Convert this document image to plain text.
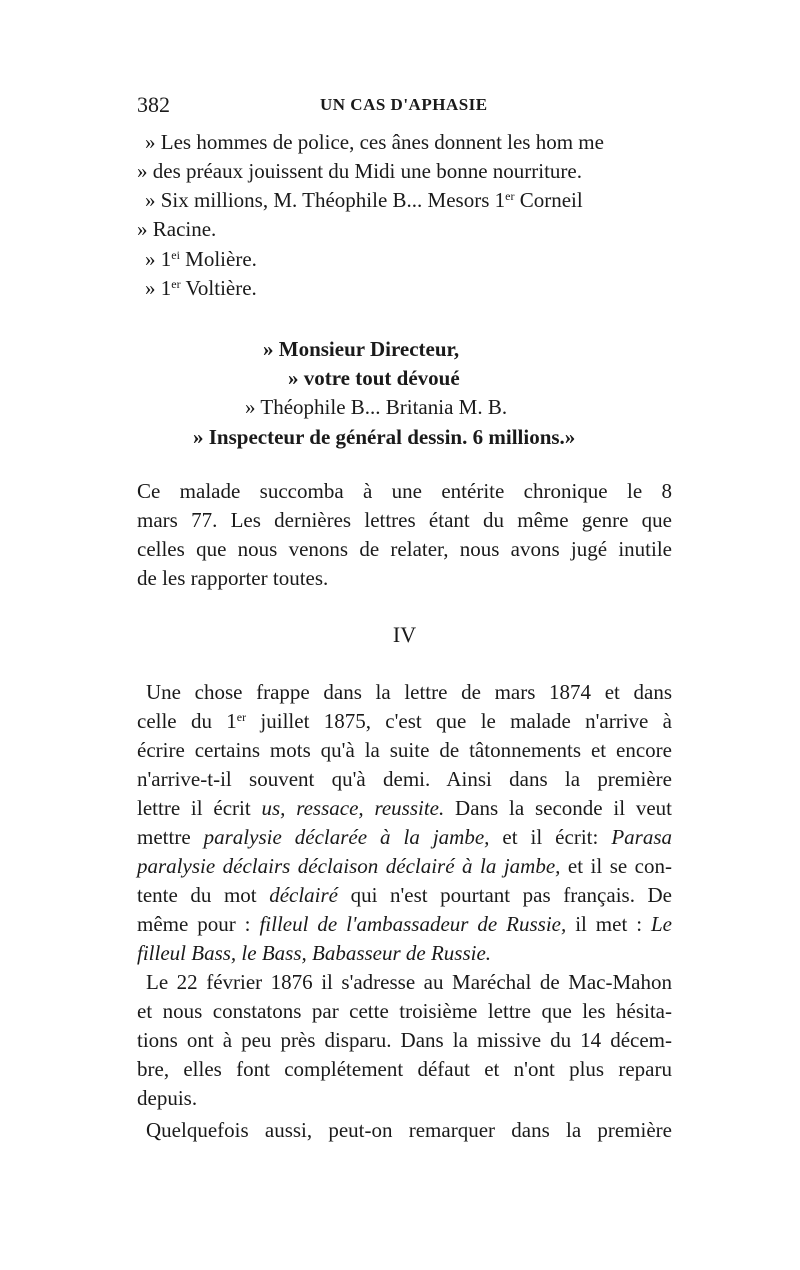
382	UN CAS D'APHASIE
» Les hommes de police, ces ânes donnent les hom me
» des préaux jouissent du Midi une bonne nourriture.
» Six millions, M. Théophile B... Mesors 1er Corneil
» Racine.
» $1^{ei}$ Molière.
» 1er Voltière.
» Monsieur Directeur,
» votre tout dévoué
» Théophile B... Britania M. B.
» Inspecteur de général dessin. 6 millions.»
Ce malade succomba à une entérite chronique le 8
mars 77. Les dernières lettres étant du même genre que
celles que nous venons de relater, nous avons jugé inutile
de les rapporter toutes.
IV
Une chose frappe dans la lettre de mars 1874 et dans
celle du 1er juillet 1875, c'est que le malade n'arrive à
écrire certains mots qu'à la suite de tâtonnements et encore
n'arrive-t-il souvent qu'à demi. Ainsi dans la première
lettre il écrit us, ressace, reussite. Dans la seconde il veut
mettre paralysie déclarée à la jambe, et il écrit: Parasa
paralysie déclairs déclaison déclairé à la jambe, et il se con-
tente du mot déclairé qui n'est pourtant pas français. De
même pour : filleul de l'ambassadeur de Russie, il met : Le
filleul Bass, le Bass, Babasseur de Russie.
Le 22 février 1876 il s'adresse au Maréchal de Mac-Mahon
et nous constatons par cette troisième lettre que les hésita-
tions ont à peu près disparu. Dans la missive du 14 décem-
bre, elles font complétement défaut et n'ont plus reparu
depuis.
Quelquefois aussi, peut-on remarquer dans la première
